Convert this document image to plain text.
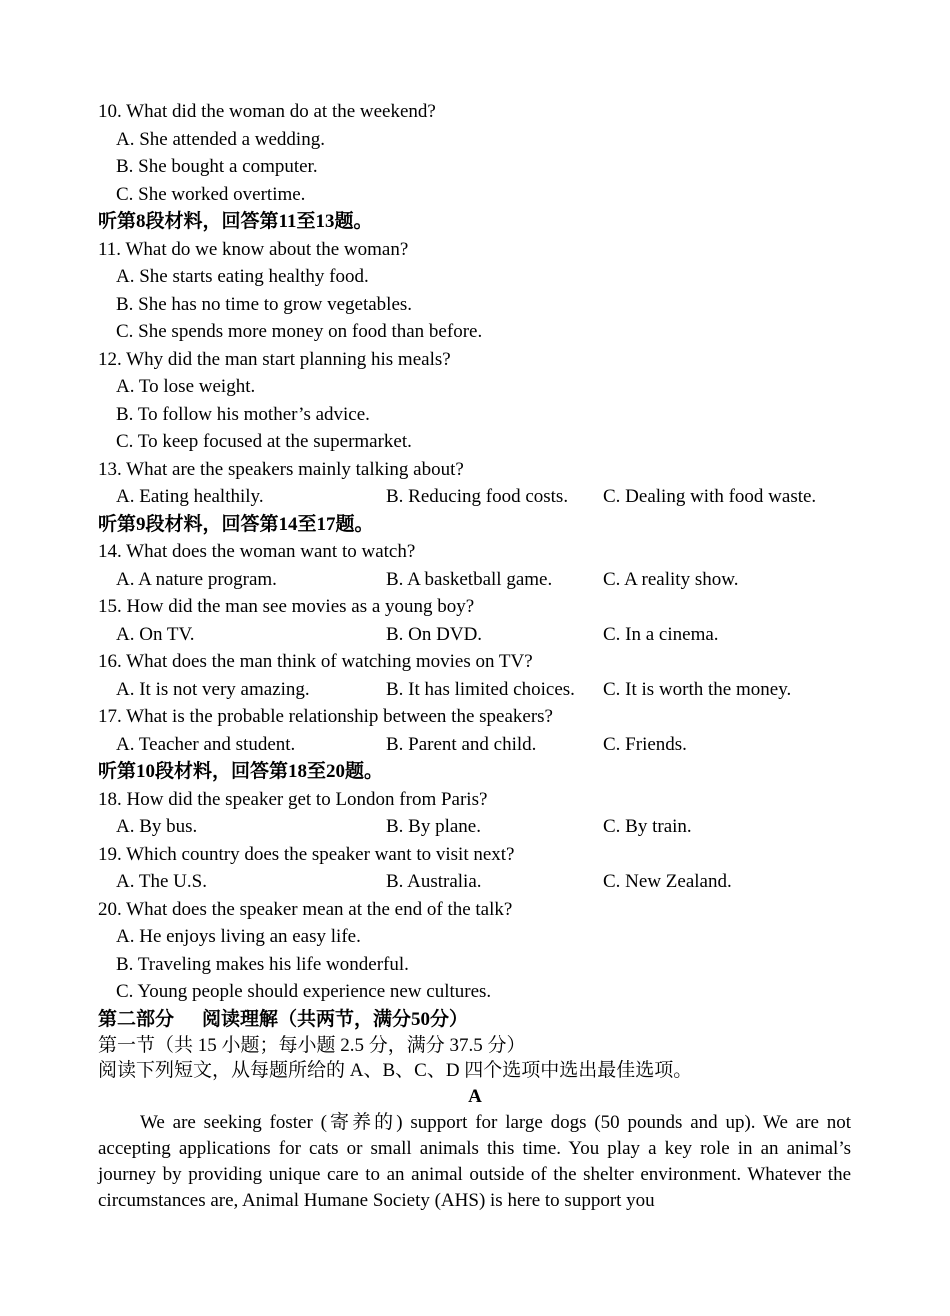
10. What did the woman do at the weekend?
A. She attended a wedding.
B. She bought a computer.
C. She worked overtime.
听第8段材料，回答第11至13题。
11. What do we know about the woman?
A. She starts eating healthy food.
B. She has no time to grow vegetables.
C. She spends more money on food than before.
12. Why did the man start planning his meals?
A. To lose weight.
B. To follow his mother’s advice.
C. To keep focused at the supermarket.
13. What are the speakers mainly talking about?
A. Eating healthily.	B. Reducing food costs. C. Dealing with food waste.
听第9段材料，回答第14至17题。
14. What does the woman want to watch?
A. A nature program.	B. A basketball game.	C. A reality show.
15. How did the man see movies as a young boy?
A. On TV.	B. On DVD.	C. In a cinema.
16. What does the man think of watching movies on TV?
A. It is not very amazing.	B. It has limited choices. C. It is worth the money.
17. What is the probable relationship between the speakers?
A. Teacher and student.	B. Parent and child.	C. Friends.
听第10段材料，回答第18至20题。
18. How did the speaker get to London from Paris?
A. By bus.	B. By plane.	C. By train.
19. Which country does the speaker want to visit next?
A. The U.S.	B. Australia.	C. New Zealand.
20. What does the speaker mean at the end of the talk?
A. He enjoys living an easy life.
B. Traveling makes his life wonderful.
C. Young people should experience new cultures.
第二部分 阅读理解（共两节，满分50分）
第一节（共 15 小题；每小题 2.5 分，满分 37.5 分）
阅读下列短文，从每题所给的 A、B、C、D 四个选项中选出最佳选项。
A
We are seeking foster (寄养的) support for large dogs (50 pounds and up). We are not accepting applications for cats or small animals this time. You play a key role in an animal’s journey by providing unique care to an animal outside of the shelter environment. Whatever the circumstances are, Animal Humane Society (AHS) is here to support you
